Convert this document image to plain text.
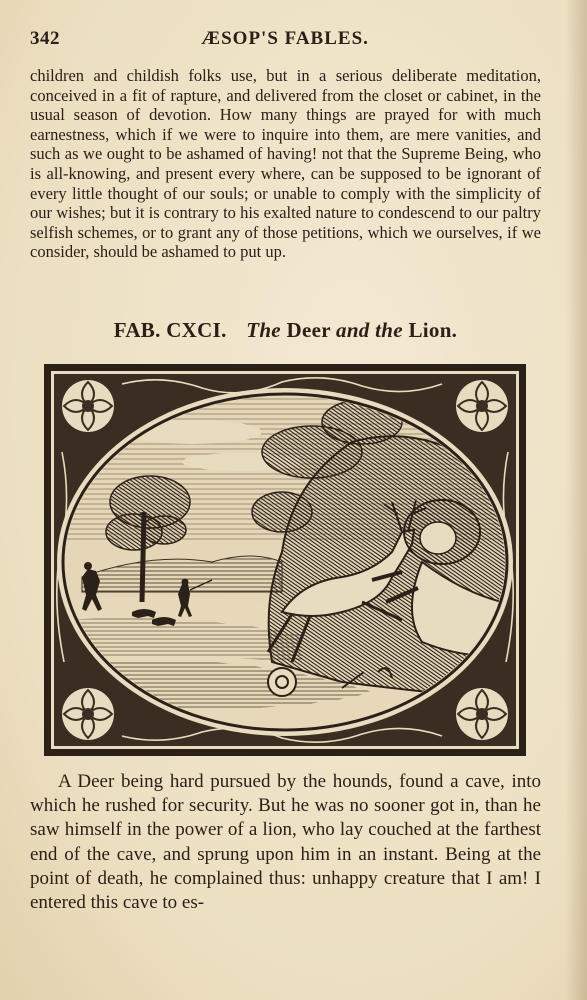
342	ÆSOP'S FABLES.

children and childish folks use, but in a serious deliberate meditation, conceived in a fit of rapture, and delivered from the closet or cabinet, in the usual season of devotion. How many things are prayed for with much earnestness, which if we were to inquire into them, are mere vanities, and such as we ought to be ashamed of having! not that the Supreme Being, who is all-knowing, and present every where, can be supposed to be ignorant of every little thought of our souls; or unable to comply with the simplicity of our wishes; but it is contrary to his exalted nature to condescend to our paltry selfish schemes, or to grant any of those petitions, which we ourselves, if we consider, should be ashamed to put up.

FAB. CXCI. The Deer and the Lion.

A Deer being hard pursued by the hounds, found a cave, into which he rushed for security. But he was no sooner got in, than he saw himself in the power of a lion, who lay couched at the farthest end of the cave, and sprung upon him in an instant. Being at the point of death, he complained thus: unhappy creature that I am! I entered this cave to es-
